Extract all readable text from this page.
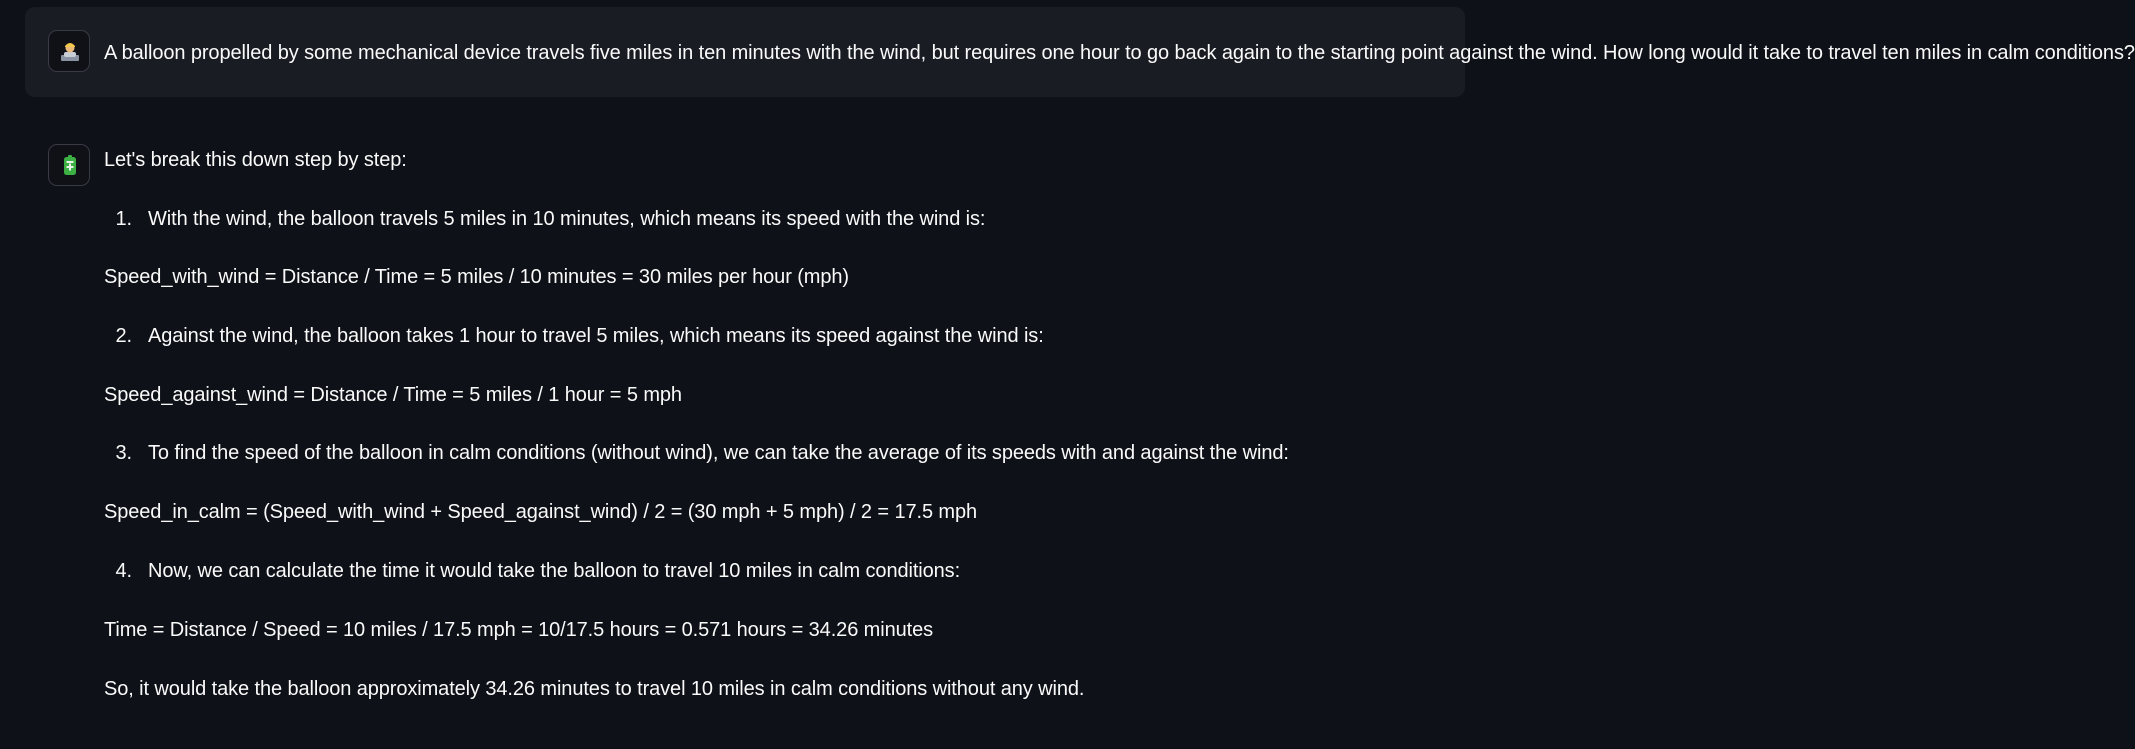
A balloon propelled by some mechanical device travels five miles in ten minutes with the wind, but requires one hour to go back again to the starting point against the wind. How long would it take to travel ten miles in calm conditions?
Let's break this down step by step:
1. With the wind, the balloon travels 5 miles in 10 minutes, which means its speed with the wind is:
Speed_with_wind = Distance / Time = 5 miles / 10 minutes = 30 miles per hour (mph)
2. Against the wind, the balloon takes 1 hour to travel 5 miles, which means its speed against the wind is:
Speed_against_wind = Distance / Time = 5 miles / 1 hour = 5 mph
3. To find the speed of the balloon in calm conditions (without wind), we can take the average of its speeds with and against the wind:
Speed_in_calm = (Speed_with_wind + Speed_against_wind) / 2 = (30 mph + 5 mph) / 2 = 17.5 mph
4. Now, we can calculate the time it would take the balloon to travel 10 miles in calm conditions:
Time = Distance / Speed = 10 miles / 17.5 mph = 10/17.5 hours = 0.571 hours = 34.26 minutes
So, it would take the balloon approximately 34.26 minutes to travel 10 miles in calm conditions without any wind.
